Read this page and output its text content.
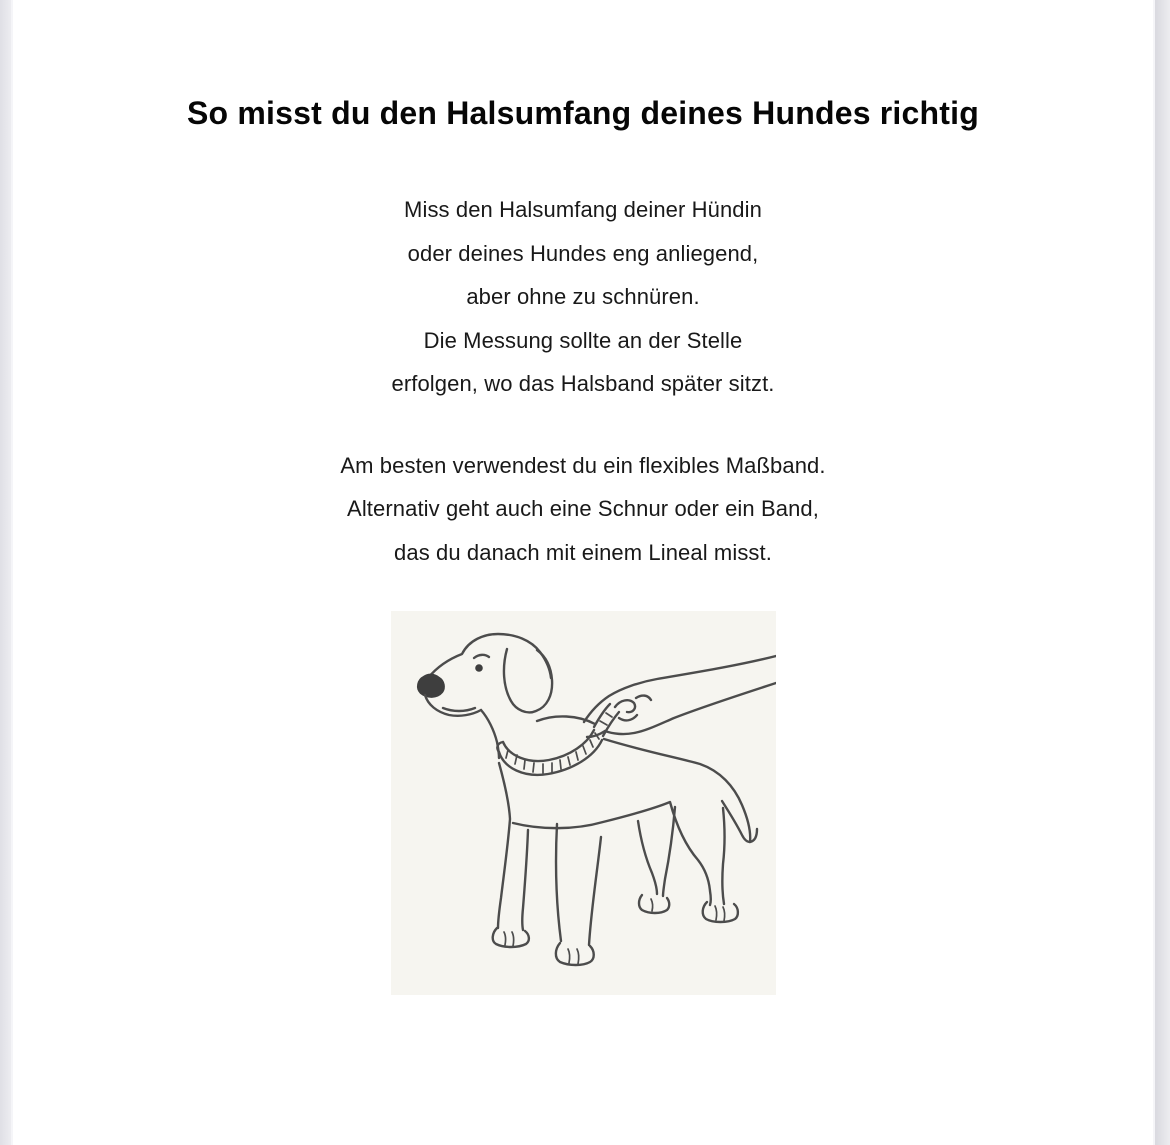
So misst du den Halsumfang deines Hundes richtig
Miss den Halsumfang deiner Hündin
oder deines Hundes eng anliegend,
aber ohne zu schnüren.
Die Messung sollte an der Stelle
erfolgen, wo das Halsband später sitzt.
Am besten verwendest du ein flexibles Maßband.
Alternativ geht auch eine Schnur oder ein Band,
das du danach mit einem Lineal misst.
